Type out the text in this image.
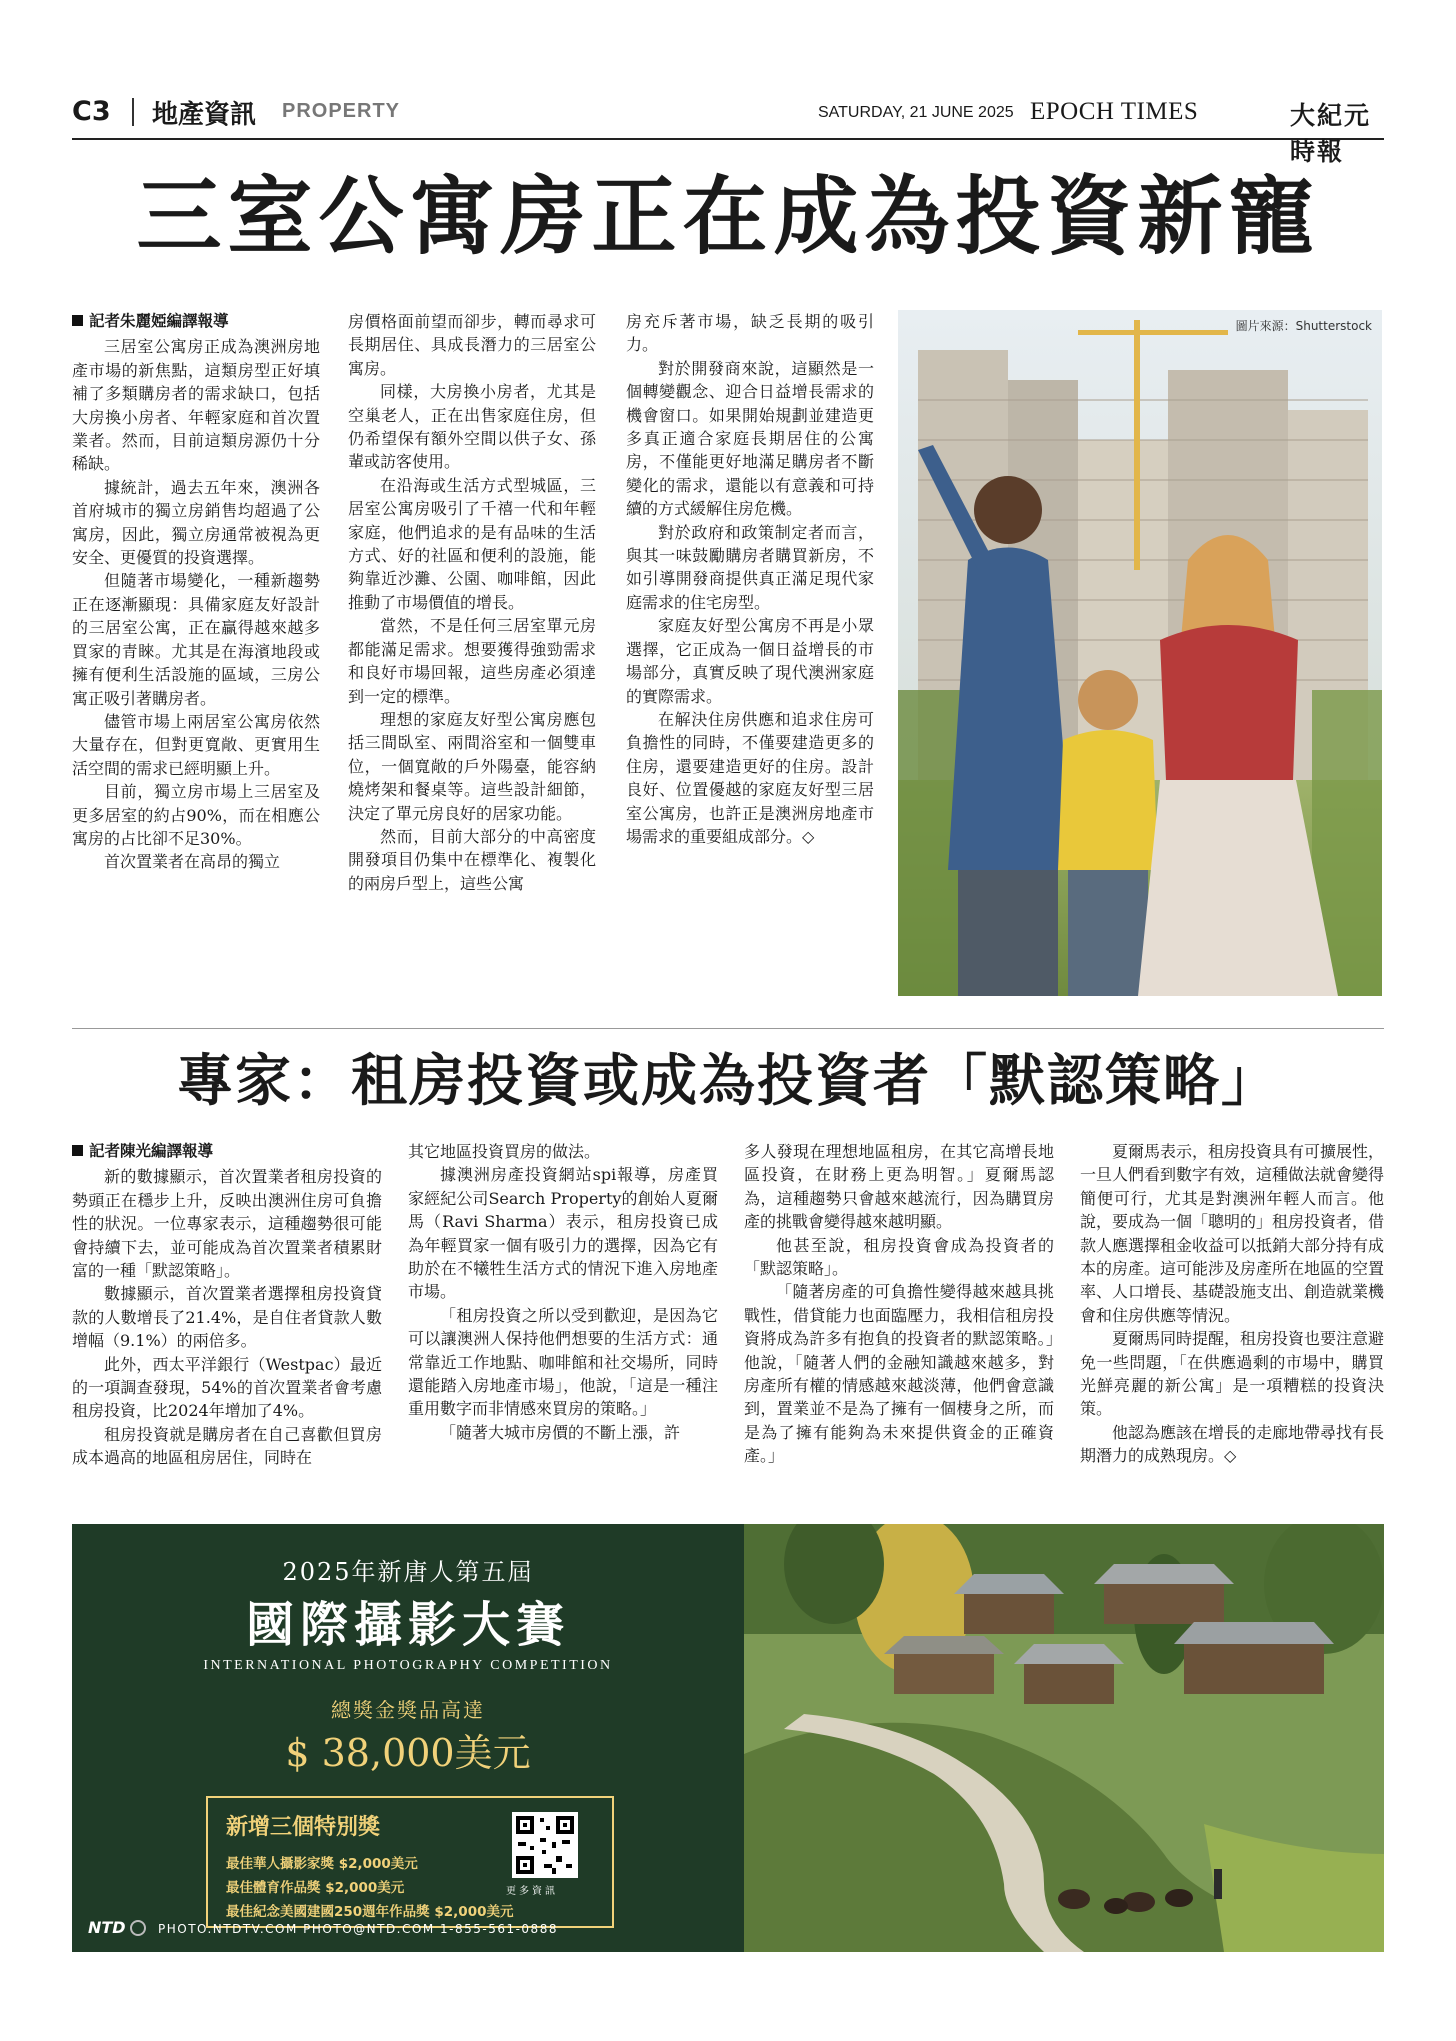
C3 地產資訊 PROPERTY	SATURDAY, 21 JUNE 2025 EPOCH TIMES	大紀元時報
三室公寓房正在成為投資新寵
記者朱麗婭編譯報導

三居室公寓房正成為澳洲房地產市場的新焦點，這類房型正好填補了多類購房者的需求缺口，包括大房換小房者、年輕家庭和首次置業者。然而，目前這類房源仍十分稀缺。

據統計，過去五年來，澳洲各首府城市的獨立房銷售均超過了公寓房，因此，獨立房通常被視為更安全、更優質的投資選擇。

但隨著市場變化，一種新趨勢正在逐漸顯現：具備家庭友好設計的三居室公寓，正在贏得越來越多買家的青睞。尤其是在海濱地段或擁有便利生活設施的區域，三房公寓正吸引著購房者。

儘管市場上兩居室公寓房依然大量存在，但對更寬敞、更實用生活空間的需求已經明顯上升。

目前，獨立房市場上三居室及更多居室的約占90%，而在相應公寓房的占比卻不足30%。

首次置業者在高昂的獨立

房價格面前望而卻步，轉而尋求可長期居住、具成長潛力的三居室公寓房。

同樣，大房換小房者，尤其是空巢老人，正在出售家庭住房，但仍希望保有額外空間以供子女、孫輩或訪客使用。

在沿海或生活方式型城區，三居室公寓房吸引了千禧一代和年輕家庭，他們追求的是有品味的生活方式、好的社區和便利的設施，能夠靠近沙灘、公園、咖啡館，因此推動了市場價值的增長。

當然，不是任何三居室單元房都能滿足需求。想要獲得強勁需求和良好市場回報，這些房產必須達到一定的標準。

理想的家庭友好型公寓房應包括三間臥室、兩間浴室和一個雙車位，一個寬敞的戶外陽臺，能容納燒烤架和餐桌等。這些設計細節，決定了單元房良好的居家功能。

然而，目前大部分的中高密度開發項目仍集中在標準化、複製化的兩房戶型上，這些公寓

房充斥著市場，缺乏長期的吸引力。

對於開發商來說，這顯然是一個轉變觀念、迎合日益增長需求的機會窗口。如果開始規劃並建造更多真正適合家庭長期居住的公寓房，不僅能更好地滿足購房者不斷變化的需求，還能以有意義和可持續的方式緩解住房危機。

對於政府和政策制定者而言，與其一味鼓勵購房者購買新房，不如引導開發商提供真正滿足現代家庭需求的住宅房型。

家庭友好型公寓房不再是小眾選擇，它正成為一個日益增長的市場部分，真實反映了現代澳洲家庭的實際需求。

在解決住房供應和追求住房可負擔性的同時，不僅要建造更多的住房，還要建造更好的住房。設計良好、位置優越的家庭友好型三居室公寓房，也許正是澳洲房地產市場需求的重要組成部分。◇

圖片來源：Shutterstock
專家：租房投資或成為投資者「默認策略」
記者陳光編譯報導

新的數據顯示，首次置業者租房投資的勢頭正在穩步上升，反映出澳洲住房可負擔性的狀況。一位專家表示，這種趨勢很可能會持續下去，並可能成為首次置業者積累財富的一種「默認策略」。

數據顯示，首次置業者選擇租房投資貸款的人數增長了21.4%，是自住者貸款人數增幅（9.1%）的兩倍多。

此外，西太平洋銀行（Westpac）最近的一項調查發現，54%的首次置業者會考慮租房投資，比2024年增加了4%。

租房投資就是購房者在自己喜歡但買房成本過高的地區租房居住，同時在

其它地區投資買房的做法。

據澳洲房產投資網站spi報導，房產買家經紀公司Search Property的創始人夏爾馬（Ravi Sharma）表示，租房投資已成為年輕買家一個有吸引力的選擇，因為它有助於在不犧牲生活方式的情況下進入房地產市場。

「租房投資之所以受到歡迎，是因為它可以讓澳洲人保持他們想要的生活方式：通常靠近工作地點、咖啡館和社交場所，同時還能踏入房地產市場」，他說，「這是一種注重用數字而非情感來買房的策略。」

「隨著大城市房價的不斷上漲，許

多人發現在理想地區租房，在其它高增長地區投資，在財務上更為明智。」夏爾馬認為，這種趨勢只會越來越流行，因為購買房產的挑戰會變得越來越明顯。

他甚至說，租房投資會成為投資者的「默認策略」。

「隨著房產的可負擔性變得越來越具挑戰性，借貸能力也面臨壓力，我相信租房投資將成為許多有抱負的投資者的默認策略。」他說，「隨著人們的金融知識越來越多，對房產所有權的情感越來越淡薄，他們會意識到，置業並不是為了擁有一個棲身之所，而是為了擁有能夠為未來提供資金的正確資產。」

夏爾馬表示，租房投資具有可擴展性，一旦人們看到數字有效，這種做法就會變得簡便可行，尤其是對澳洲年輕人而言。他說，要成為一個「聰明的」租房投資者，借款人應選擇租金收益可以抵銷大部分持有成本的房產。這可能涉及房產所在地區的空置率、人口增長、基礎設施支出、創造就業機會和住房供應等情況。

夏爾馬同時提醒，租房投資也要注意避免一些問題，「在供應過剩的市場中，購買光鮮亮麗的新公寓」是一項糟糕的投資決策。

他認為應該在增長的走廊地帶尋找有長期潛力的成熟現房。◇

2025年新唐人第五屆
國際攝影大賽
INTERNATIONAL PHOTOGRAPHY COMPETITION
總獎金獎品高達
$ 38,000美元
新增三個特別獎
最佳華人攝影家獎 $2,000美元
最佳體育作品獎 $2,000美元
最佳紀念美國建國250週年作品獎 $2,000美元
更多資訊
NTD	PHOTO.NTDTV.COM PHOTO@NTD.COM 1-855-561-0888
